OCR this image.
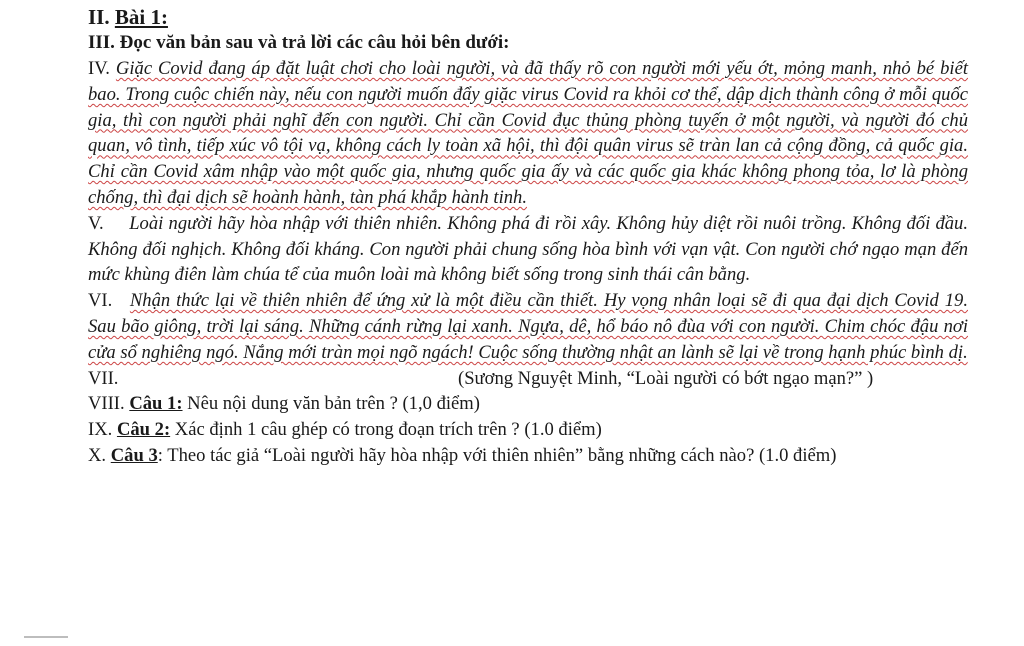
II. Bài 1:

III. Đọc văn bản sau và trả lời các câu hỏi bên dưới:

IV. Giặc Covid đang áp đặt luật chơi cho loài người, và đã thấy rõ con người mới yếu ớt, mỏng manh, nhỏ bé biết bao. Trong cuộc chiến này, nếu con người muốn đẩy giặc virus Covid ra khỏi cơ thể, dập dịch thành công ở mỗi quốc gia, thì con người phải nghĩ đến con người. Chỉ cần Covid đục thủng phòng tuyến ở một người, và người đó chủ quan, vô tình, tiếp xúc vô tội vạ, không cách ly toàn xã hội, thì đội quân virus sẽ tràn lan cả cộng đồng, cả quốc gia. Chỉ cần Covid xâm nhập vào một quốc gia, nhưng quốc gia ấy và các quốc gia khác không phong tỏa, lơ là phòng chống, thì đại dịch sẽ hoành hành, tàn phá khắp hành tinh.

V. Loài người hãy hòa nhập với thiên nhiên. Không phá đi rồi xây. Không hủy diệt rồi nuôi trồng. Không đối đầu. Không đối nghịch. Không đối kháng. Con người phải chung sống hòa bình với vạn vật. Con người chớ ngạo mạn đến mức khùng điên làm chúa tể của muôn loài mà không biết sống trong sinh thái cân bằng.

VI. Nhận thức lại về thiên nhiên để ứng xử là một điều cần thiết. Hy vọng nhân loại sẽ đi qua đại dịch Covid 19. Sau bão giông, trời lại sáng. Những cánh rừng lại xanh. Ngựa, dê, hổ báo nô đùa với con người. Chim chóc đậu nơi cửa sổ nghiêng ngó. Nắng mới tràn mọi ngõ ngách! Cuộc sống thường nhật an lành sẽ lại về trong hạnh phúc bình dị.

VII.	(Sương Nguyệt Minh, “Loài người có bớt ngạo mạn?” )

VIII. Câu 1: Nêu nội dung văn bản trên ? (1,0 điểm)

IX. Câu 2: Xác định 1 câu ghép có trong đoạn trích trên ? (1.0 điểm)

X. Câu 3: Theo tác giả “Loài người hãy hòa nhập với thiên nhiên” bằng những cách nào? (1.0 điểm)
